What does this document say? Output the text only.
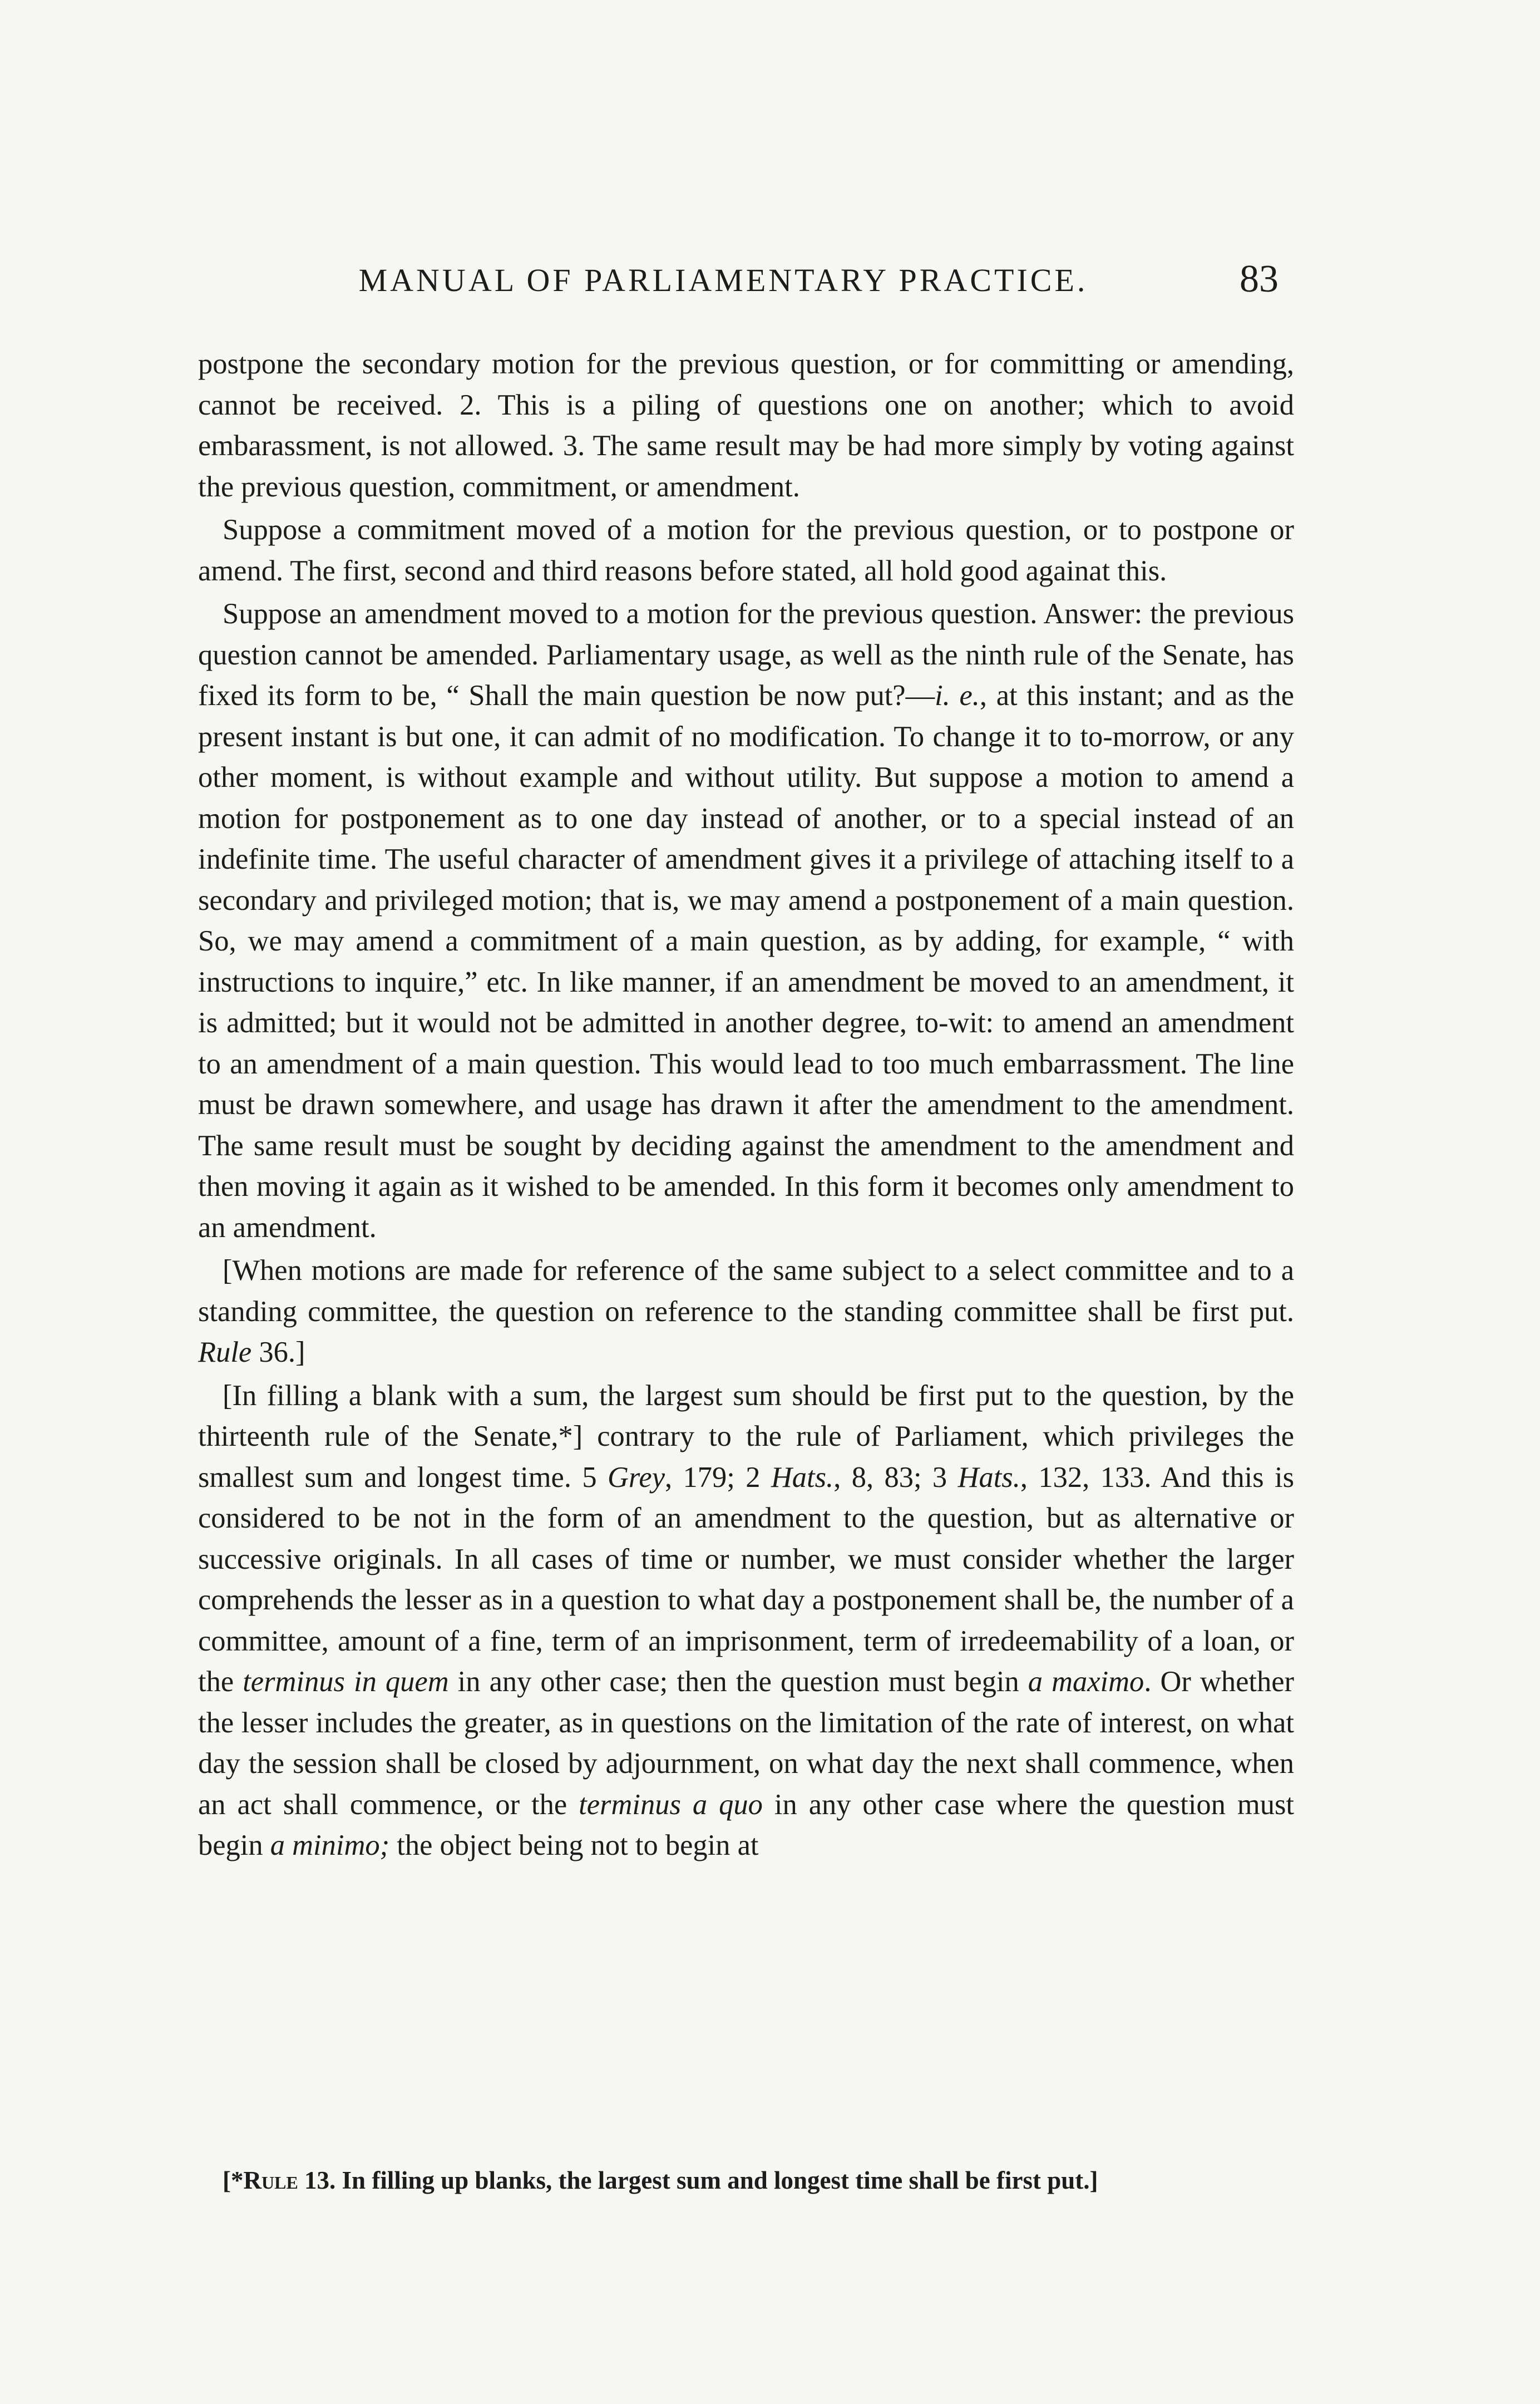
MANUAL OF PARLIAMENTARY PRACTICE.	83

postpone the secondary motion for the previous question, or for committing or amending, cannot be received. 2. This is a piling of questions one on another; which to avoid embarassment, is not allowed. 3. The same result may be had more simply by voting against the previous question, commitment, or amendment.

Suppose a commitment moved of a motion for the previous question, or to postpone or amend. The first, second and third reasons before stated, all hold good againat this.

Suppose an amendment moved to a motion for the previous question. Answer: the previous question cannot be amended. Parliamentary usage, as well as the ninth rule of the Senate, has fixed its form to be, “ Shall the main question be now put?—i. e., at this instant; and as the present instant is but one, it can admit of no modification. To change it to to-morrow, or any other moment, is without example and without utility. But suppose a motion to amend a motion for postponement as to one day instead of another, or to a special instead of an indefinite time. The useful character of amendment gives it a privilege of attaching itself to a secondary and privileged motion; that is, we may amend a postponement of a main question. So, we may amend a commitment of a main question, as by adding, for example, “ with instructions to inquire,” etc. In like manner, if an amendment be moved to an amendment, it is admitted; but it would not be admitted in another degree, to-wit: to amend an amendment to an amendment of a main question. This would lead to too much embarrassment. The line must be drawn somewhere, and usage has drawn it after the amendment to the amendment. The same result must be sought by deciding against the amendment to the amendment and then moving it again as it wished to be amended. In this form it becomes only amendment to an amendment.

[When motions are made for reference of the same subject to a select committee and to a standing committee, the question on reference to the standing committee shall be first put. Rule 36.]

[In filling a blank with a sum, the largest sum should be first put to the question, by the thirteenth rule of the Senate,*] contrary to the rule of Parliament, which privileges the smallest sum and longest time. 5 Grey, 179; 2 Hats., 8, 83; 3 Hats., 132, 133. And this is considered to be not in the form of an amendment to the question, but as alternative or successive originals. In all cases of time or number, we must consider whether the larger comprehends the lesser as in a question to what day a postponement shall be, the number of a committee, amount of a fine, term of an imprisonment, term of irredeemability of a loan, or the terminus in quem in any other case; then the question must begin a maximo. Or whether the lesser includes the greater, as in questions on the limitation of the rate of interest, on what day the session shall be closed by adjournment, on what day the next shall commence, when an act shall commence, or the terminus a quo in any other case where the question must begin a minimo; the object being not to begin at

[*Rule 13. In filling up blanks, the largest sum and longest time shall be first put.]
